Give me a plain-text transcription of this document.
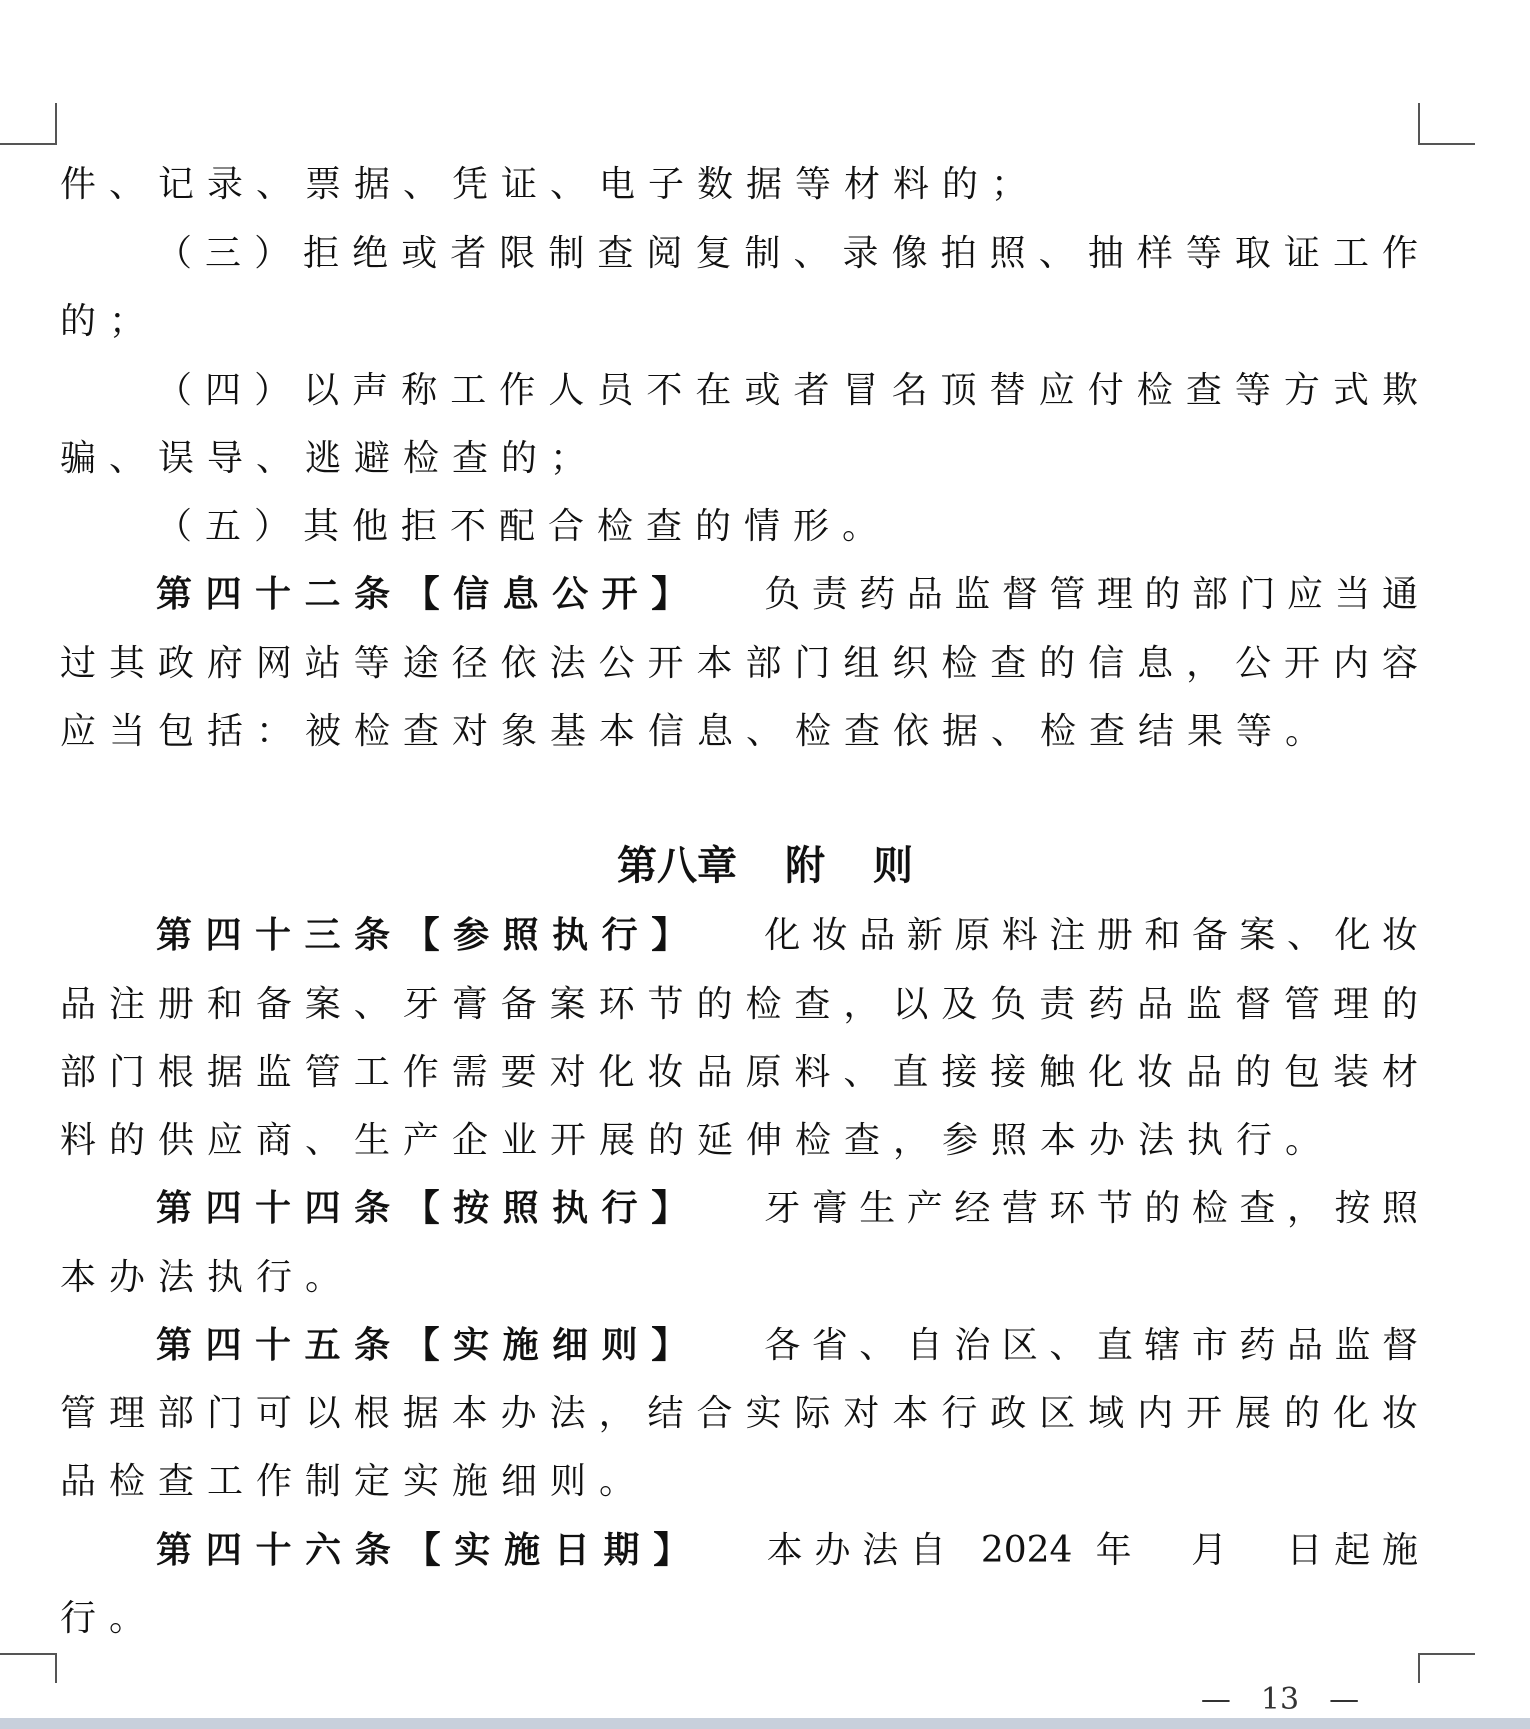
件、记录、票据、凭证、电子数据等材料的；
（三）拒绝或者限制查阅复制、录像拍照、抽样等取证工作
的；
（四）以声称工作人员不在或者冒名顶替应付检查等方式欺
骗、误导、逃避检查的；
（五）其他拒不配合检查的情形。
第四十二条【信息公开】 负责药品监督管理的部门应当通
过其政府网站等途径依法公开本部门组织检查的信息，公开内容
应当包括：被检查对象基本信息、检查依据、检查结果等。
第八章 附 则
第四十三条【参照执行】 化妆品新原料注册和备案、化妆
品注册和备案、牙膏备案环节的检查，以及负责药品监督管理的
部门根据监管工作需要对化妆品原料、直接接触化妆品的包装材
料的供应商、生产企业开展的延伸检查，参照本办法执行。
第四十四条【按照执行】 牙膏生产经营环节的检查，按照
本办法执行。
第四十五条【实施细则】 各省、自治区、直辖市药品监督
管理部门可以根据本办法，结合实际对本行政区域内开展的化妆
品检查工作制定实施细则。
第四十六条【实施日期】 本办法自 2024 年　月　日起施
行。
—　13　—
